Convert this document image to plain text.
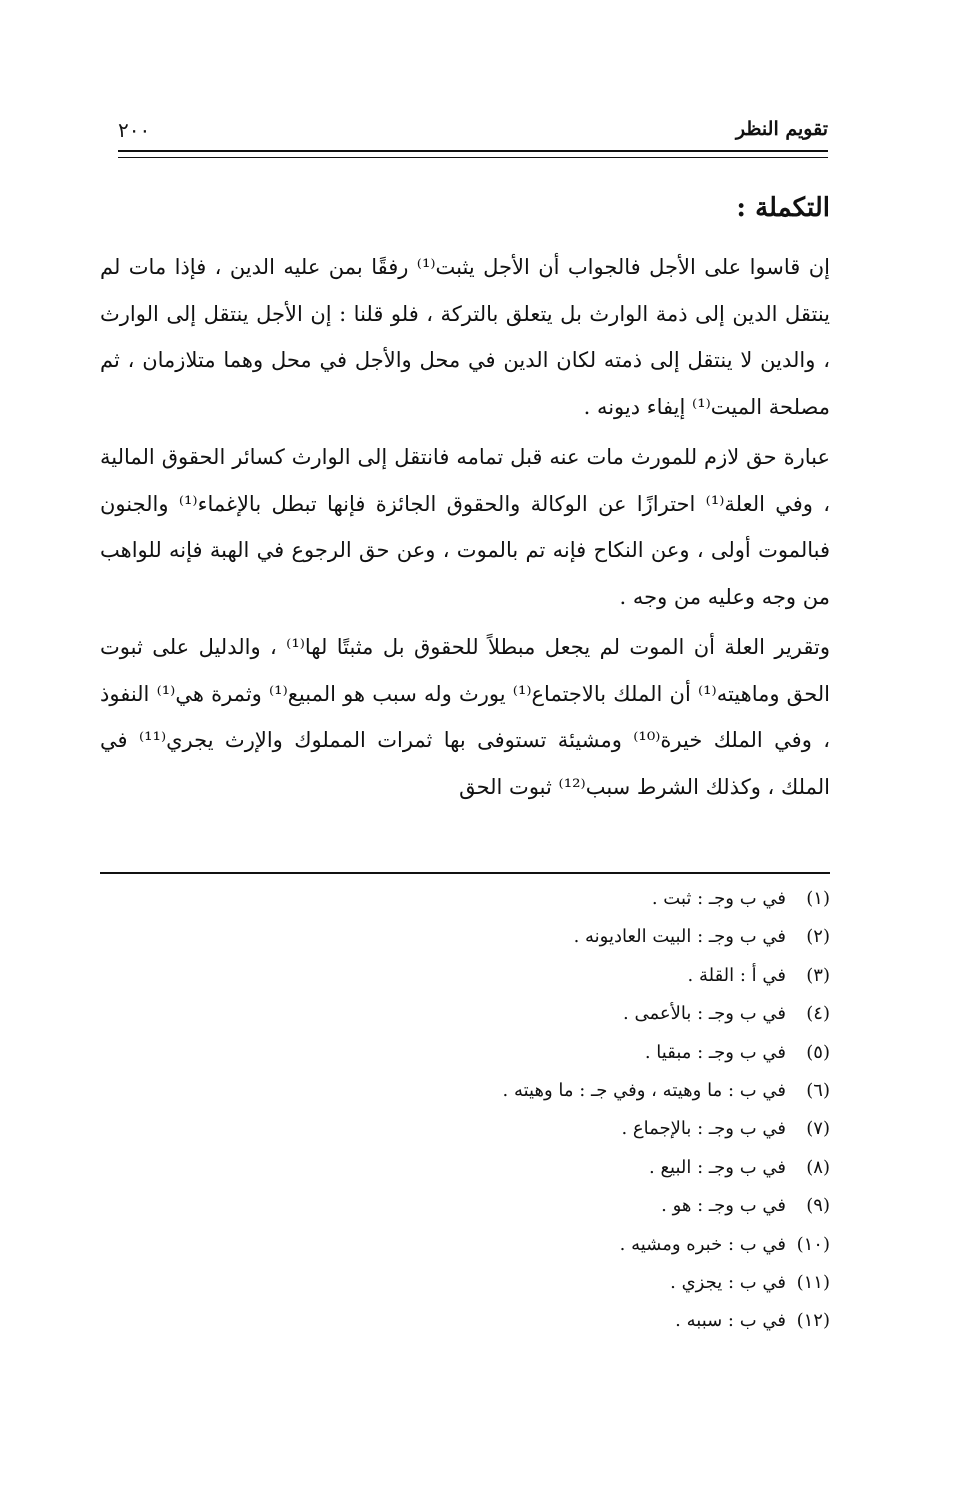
تقويم النظر
٢٠٠
التكملة :

إن قاسوا على الأجل فالجواب أن الأجل يثبت⁽¹⁾ رفقًا بمن عليه الدين ، فإذا مات لم ينتقل الدين إلى ذمة الوارث بل يتعلق بالتركة ، فلو قلنا : إن الأجل ينتقل إلى الوارث ، والدين لا ينتقل إلى ذمته لكان الدين في محل والأجل في محل وهما متلازمان ، ثم مصلحة الميت⁽¹⁾ إيفاء ديونه .

عبارة حق لازم للمورث مات عنه قبل تمامه فانتقل إلى الوارث كسائر الحقوق المالية ، وفي العلة⁽¹⁾ احترازًا عن الوكالة والحقوق الجائزة فإنها تبطل بالإغماء⁽¹⁾ والجنون فبالموت أولى ، وعن النكاح فإنه تم بالموت ، وعن حق الرجوع في الهبة فإنه للواهب من وجه وعليه من وجه .

وتقرير العلة أن الموت لم يجعل مبطلاً للحقوق بل مثبتًا لها⁽¹⁾ ، والدليل على ثبوت الحق وماهيته⁽¹⁾ أن الملك بالاجتماع⁽¹⁾ يورث وله سبب هو المبيع⁽¹⁾ وثمرة هي⁽¹⁾ النفوذ ، وفي الملك خيرة⁽¹⁰⁾ ومشيئة تستوفى بها ثمرات المملوك والإرث يجري⁽¹¹⁾ في الملك ، وكذلك الشرط سبب⁽¹²⁾ ثبوت الحق

(١)في ب وجـ : ثبت .
(٢)في ب وجـ : البيت العاديونه .
(٣)في أ : القلة .
(٤)في ب وجـ : بالأعمى .
(٥)في ب وجـ : مبقيا .
(٦)في ب : ما وهيته ، وفي جـ : ما وهيته .
(٧)في ب وجـ : بالإجماع .
(٨)في ب وجـ : البيع .
(٩)في ب وجـ : هو .
(١٠)في ب : خبره ومشيه .
(١١)في ب : يجزي .
(١٢)في ب : سببه .
